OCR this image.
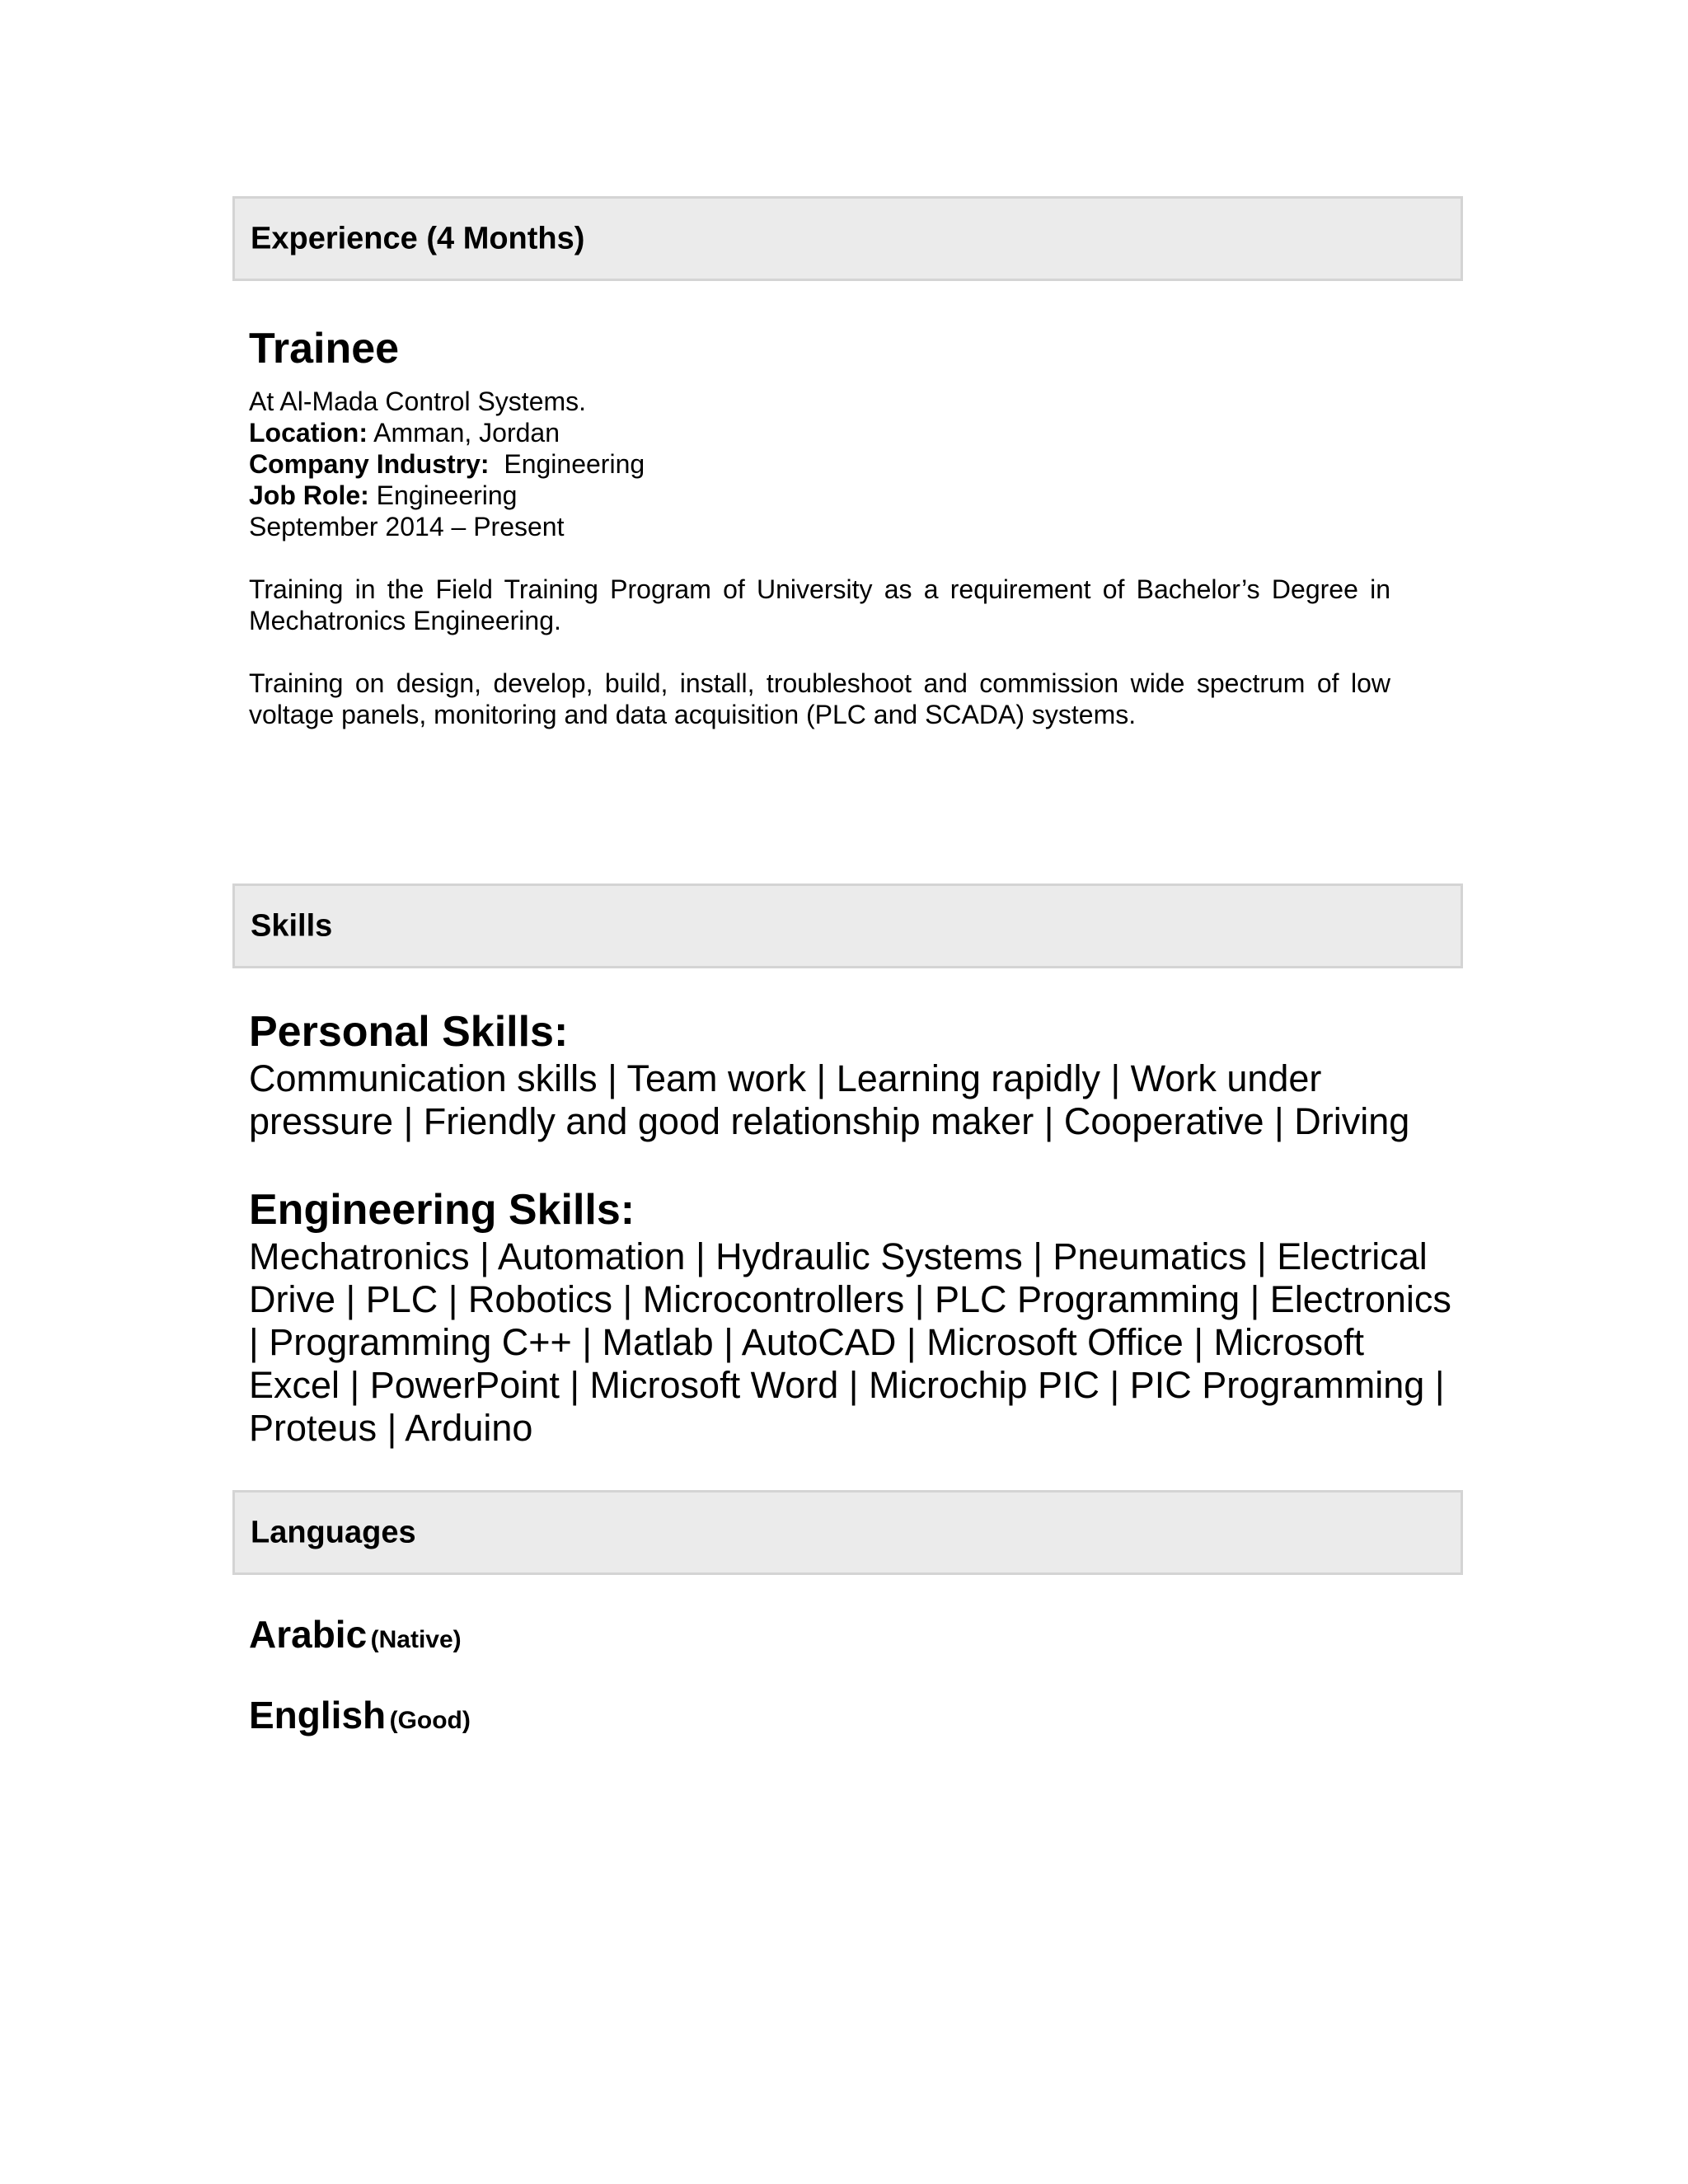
Experience (4 Months)
Trainee
At Al-Mada Control Systems.
Location: Amman, Jordan
Company Industry:  Engineering
Job Role: Engineering
September 2014 – Present

Training in the Field Training Program of University as a requirement of Bachelor’s Degree in Mechatronics Engineering.

Training on design, develop, build, install, troubleshoot and commission wide spectrum of low voltage panels, monitoring and data acquisition (PLC and SCADA) systems.

Skills
Personal Skills:

Communication skills | Team work | Learning rapidly | Work under pressure | Friendly and good relationship maker | Cooperative | Driving

Engineering Skills:

Mechatronics | Automation | Hydraulic Systems | Pneumatics | Electrical Drive | PLC | Robotics | Microcontrollers | PLC Programming | Electronics | Programming C++ | Matlab | AutoCAD | Microsoft Office | Microsoft Excel | PowerPoint | Microsoft Word | Microchip PIC | PIC Programming | Proteus | Arduino

Languages

Arabic (Native)

English (Good)
